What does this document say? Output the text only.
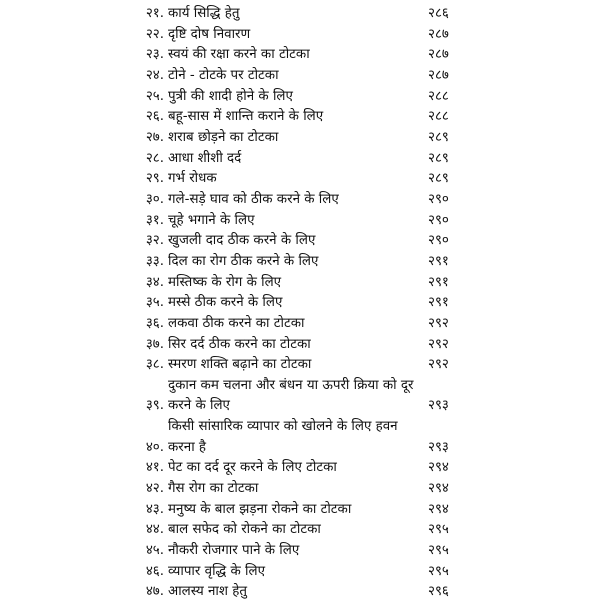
२१. कार्य सिद्धि हेतु	२८६
२२. दृष्टि दोष निवारण	२८७
२३. स्वयं की रक्षा करने का टोटका	२८७
२४. टोने - टोटके पर टोटका	२८७
२५. पुत्री की शादी होने के लिए	२८८
२६. बहू-सास में शान्ति कराने के लिए	२८८
२७. शराब छोड़ने का टोटका	२८९
२८. आधा शीशी दर्द	२८९
२९. गर्भ रोधक	२८९
३०. गले-सड़े घाव को ठीक करने के लिए	२९०
३१. चूहे भगाने के लिए	२९०
३२. खुजली दाद ठीक करने के लिए	२९०
३३. दिल का रोग ठीक करने के लिए	२९१
३४. मस्तिष्क के रोग के लिए	२९१
३५. मस्से ठीक करने के लिए	२९१
३६. लकवा ठीक करने का टोटका	२९२
३७. सिर दर्द ठीक करने का टोटका	२९२
३८. स्मरण शक्ति बढ़ाने का टोटका	२९२
३९.
दुकान कम चलना और बंधन या ऊपरी क्रिया को दूर
करने के लिए	२९३
४०.
किसी सांसारिक व्यापार को खोलने के लिए हवन
करना है	२९३
४१. पेट का दर्द दूर करने के लिए टोटका	२९४
४२. गैस रोग का टोटका	२९४
४३. मनुष्य के बाल झड़ना रोकने का टोटका	२९४
४४. बाल सफेद को रोकने का टोटका	२९५
४५. नौकरी रोजगार पाने के लिए	२९५
४६. व्यापार वृद्धि के लिए	२९५
४७. आलस्य नाश हेतु	२९६
